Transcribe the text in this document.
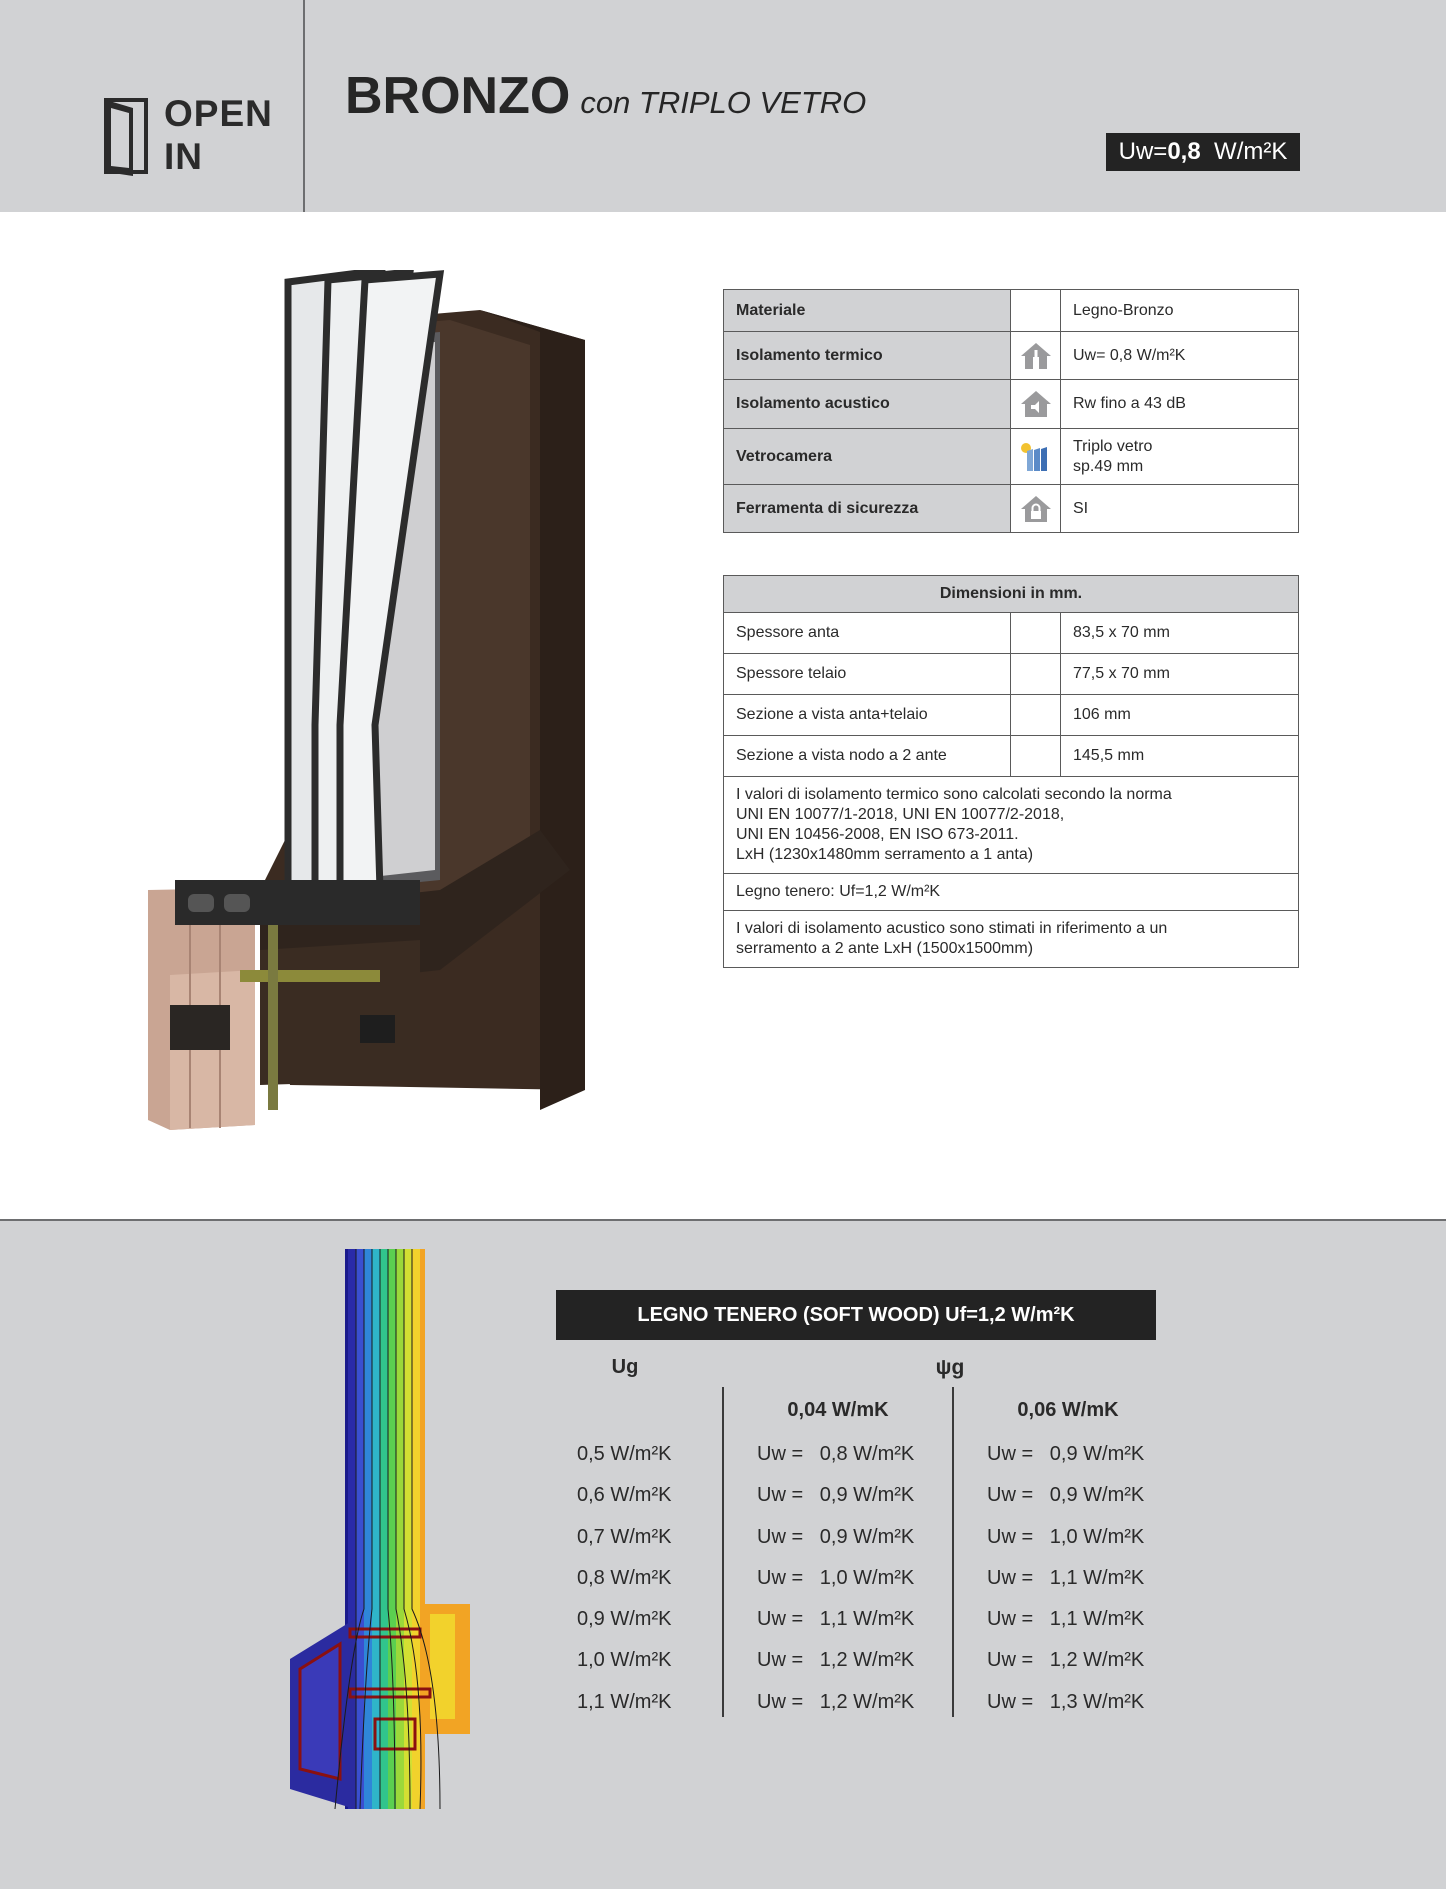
OPEN
IN
BRONZO con TRIPLO VETRO
Uw=0,8 W/m²K
Materiale		Legno-Bronzo
Isolamento termico		Uw= 0,8 W/m²K
Isolamento acustico		Rw fino a 43 dB
Vetrocamera		Triplo vetro
sp.49 mm

Ferramenta di sicurezza		SI
Dimensioni in mm.		
Spessore anta		83,5 x 70 mm
Spessore telaio		77,5 x 70 mm
Sezione a vista anta+telaio		106 mm
Sezione a vista nodo a 2 ante		145,5 mm

I valori di isolamento termico sono calcolati secondo la norma
UNI EN 10077/1-2018, UNI EN 10077/2-2018,
UNI EN 10456-2008, EN ISO 673-2011.
LxH (1230x1480mm serramento a 1 anta)		

Legno tenero: Uf=1,2 W/m²K		

I valori di isolamento acustico sono stimati in riferimento a un
serramento a 2 ante LxH (1500x1500mm)		
LEGNO TENERO (SOFT WOOD) Uf=1,2 W/m²K
Ug	ψg
0,04 W/mK	0,06 W/mK
0,5 W/m²K	Uw =   0,8 W/m²K	Uw =   0,9 W/m²K
0,6 W/m²K	Uw =   0,9 W/m²K	Uw =   0,9 W/m²K
0,7 W/m²K	Uw =   0,9 W/m²K	Uw =   1,0 W/m²K
0,8 W/m²K	Uw =   1,0 W/m²K	Uw =   1,1 W/m²K
0,9 W/m²K	Uw =   1,1 W/m²K	Uw =   1,1 W/m²K
1,0 W/m²K	Uw =   1,2 W/m²K	Uw =   1,2 W/m²K
1,1 W/m²K	Uw =   1,2 W/m²K	Uw =   1,3 W/m²K
